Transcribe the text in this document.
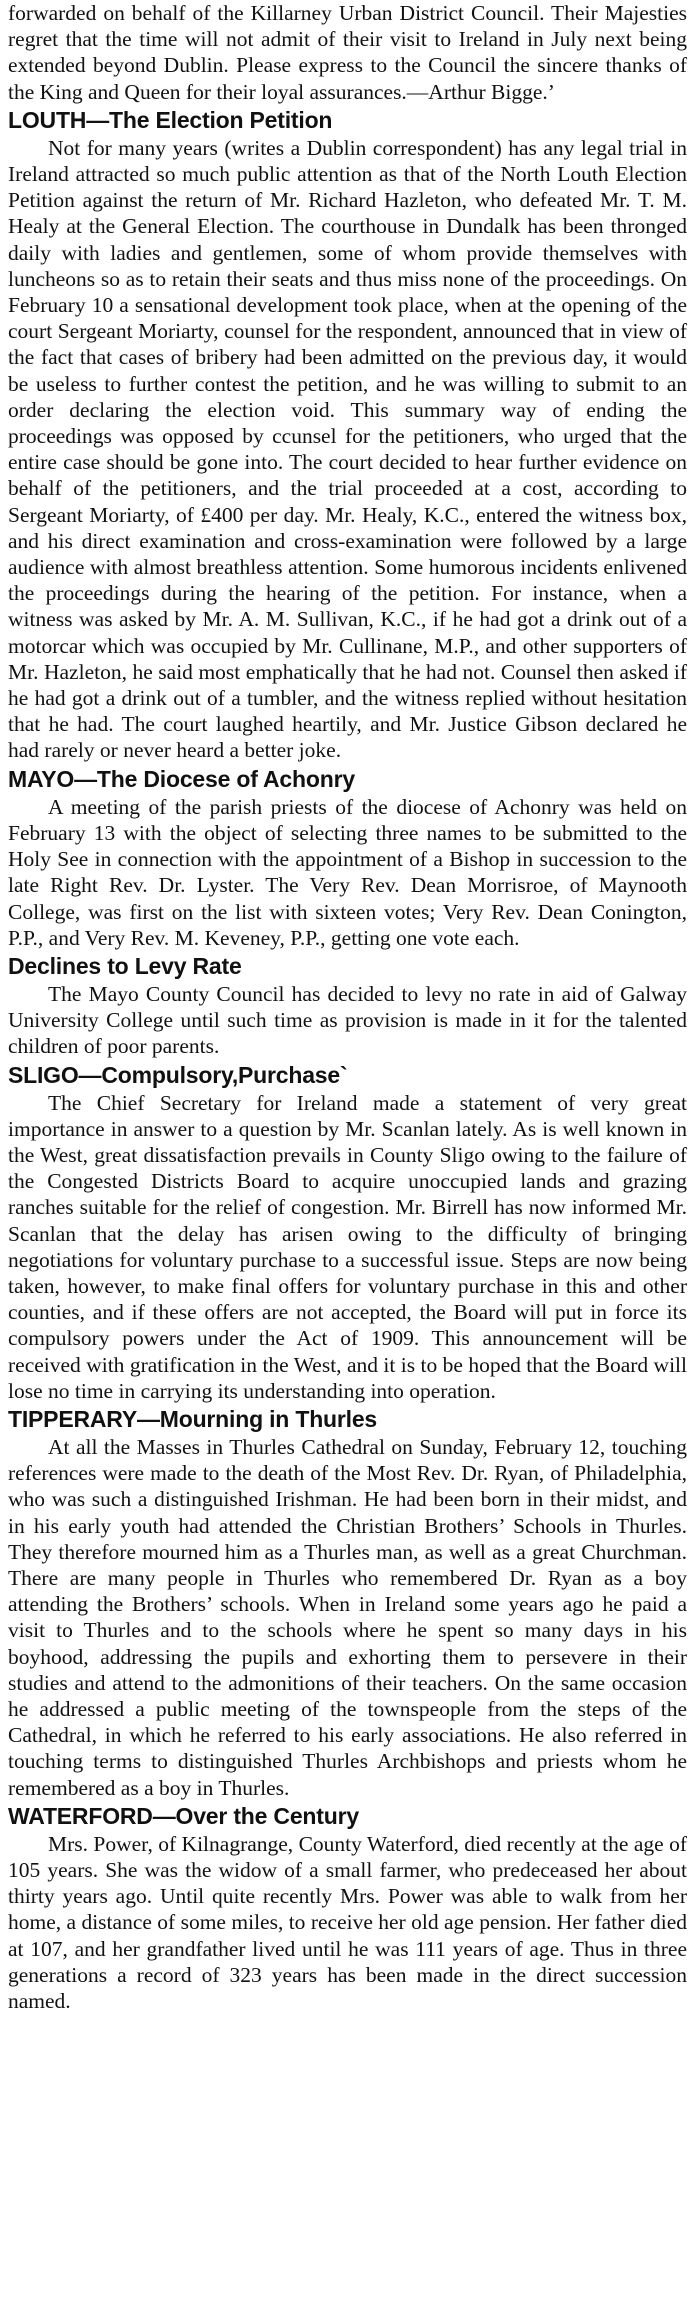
forwarded on behalf of the Killarney Urban District Council. Their Majesties regret that the time will not admit of their visit to Ireland in July next being extended beyond Dublin. Please express to the Council the sincere thanks of the King and Queen for their loyal assurances.—Arthur Bigge.’

LOUTH—The Election Petition

Not for many years (writes a Dublin correspondent) has any legal trial in Ireland attracted so much public attention as that of the North Louth Election Petition against the return of Mr. Richard Hazleton, who defeated Mr. T. M. Healy at the General Election. The courthouse in Dundalk has been thronged daily with ladies and gentlemen, some of whom provide themselves with luncheons so as to retain their seats and thus miss none of the proceedings. On February 10 a sensational development took place, when at the opening of the court Sergeant Moriarty, counsel for the respondent, announced that in view of the fact that cases of bribery had been admitted on the previous day, it would be useless to further contest the petition, and he was willing to submit to an order declaring the election void. This summary way of ending the proceedings was opposed by ccunsel for the petitioners, who urged that the entire case should be gone into. The court decided to hear further evidence on behalf of the petitioners, and the trial proceeded at a cost, according to Sergeant Moriarty, of £400 per day. Mr. Healy, K.C., entered the witness box, and his direct examination and cross-examination were followed by a large audience with almost breathless attention. Some humorous incidents enlivened the proceedings during the hearing of the petition. For instance, when a witness was asked by Mr. A. M. Sullivan, K.C., if he had got a drink out of a motorcar which was occupied by Mr. Cullinane, M.P., and other supporters of Mr. Hazleton, he said most emphatically that he had not. Counsel then asked if he had got a drink out of a tumbler, and the witness replied without hesitation that he had. The court laughed heartily, and Mr. Justice Gibson declared he had rarely or never heard a better joke.

MAYO—The Diocese of Achonry

A meeting of the parish priests of the diocese of Achonry was held on February 13 with the object of selecting three names to be submitted to the Holy See in connection with the appointment of a Bishop in succession to the late Right Rev. Dr. Lyster. The Very Rev. Dean Morrisroe, of Maynooth College, was first on the list with sixteen votes; Very Rev. Dean Conington, P.P., and Very Rev. M. Keveney, P.P., getting one vote each.

Declines to Levy Rate

The Mayo County Council has decided to levy no rate in aid of Galway University College until such time as provision is made in it for the talented children of poor parents.

SLIGO—Compulsory,Purchase`

The Chief Secretary for Ireland made a statement of very great importance in answer to a question by Mr. Scanlan lately. As is well known in the West, great dissatisfaction prevails in County Sligo owing to the failure of the Congested Districts Board to acquire unoccupied lands and grazing ranches suitable for the relief of congestion. Mr. Birrell has now informed Mr. Scanlan that the delay has arisen owing to the difficulty of bringing negotiations for voluntary purchase to a successful issue. Steps are now being taken, however, to make final offers for voluntary purchase in this and other counties, and if these offers are not accepted, the Board will put in force its compulsory powers under the Act of 1909. This announcement will be received with gratification in the West, and it is to be hoped that the Board will lose no time in carrying its understanding into operation.

TIPPERARY—Mourning in Thurles

At all the Masses in Thurles Cathedral on Sunday, February 12, touching references were made to the death of the Most Rev. Dr. Ryan, of Philadelphia, who was such a distinguished Irishman. He had been born in their midst, and in his early youth had attended the Christian Brothers’ Schools in Thurles. They therefore mourned him as a Thurles man, as well as a great Churchman. There are many people in Thurles who remembered Dr. Ryan as a boy attending the Brothers’ schools. When in Ireland some years ago he paid a visit to Thurles and to the schools where he spent so many days in his boyhood, addressing the pupils and exhorting them to persevere in their studies and attend to the admonitions of their teachers. On the same occasion he addressed a public meeting of the townspeople from the steps of the Cathedral, in which he referred to his early associations. He also referred in touching terms to distinguished Thurles Archbishops and priests whom he remembered as a boy in Thurles.

WATERFORD—Over the Century

Mrs. Power, of Kilnagrange, County Waterford, died recently at the age of 105 years. She was the widow of a small farmer, who predeceased her about thirty years ago. Until quite recently Mrs. Power was able to walk from her home, a distance of some miles, to receive her old age pension. Her father died at 107, and her grandfather lived until he was 111 years of age. Thus in three generations a record of 323 years has been made in the direct succession named.
